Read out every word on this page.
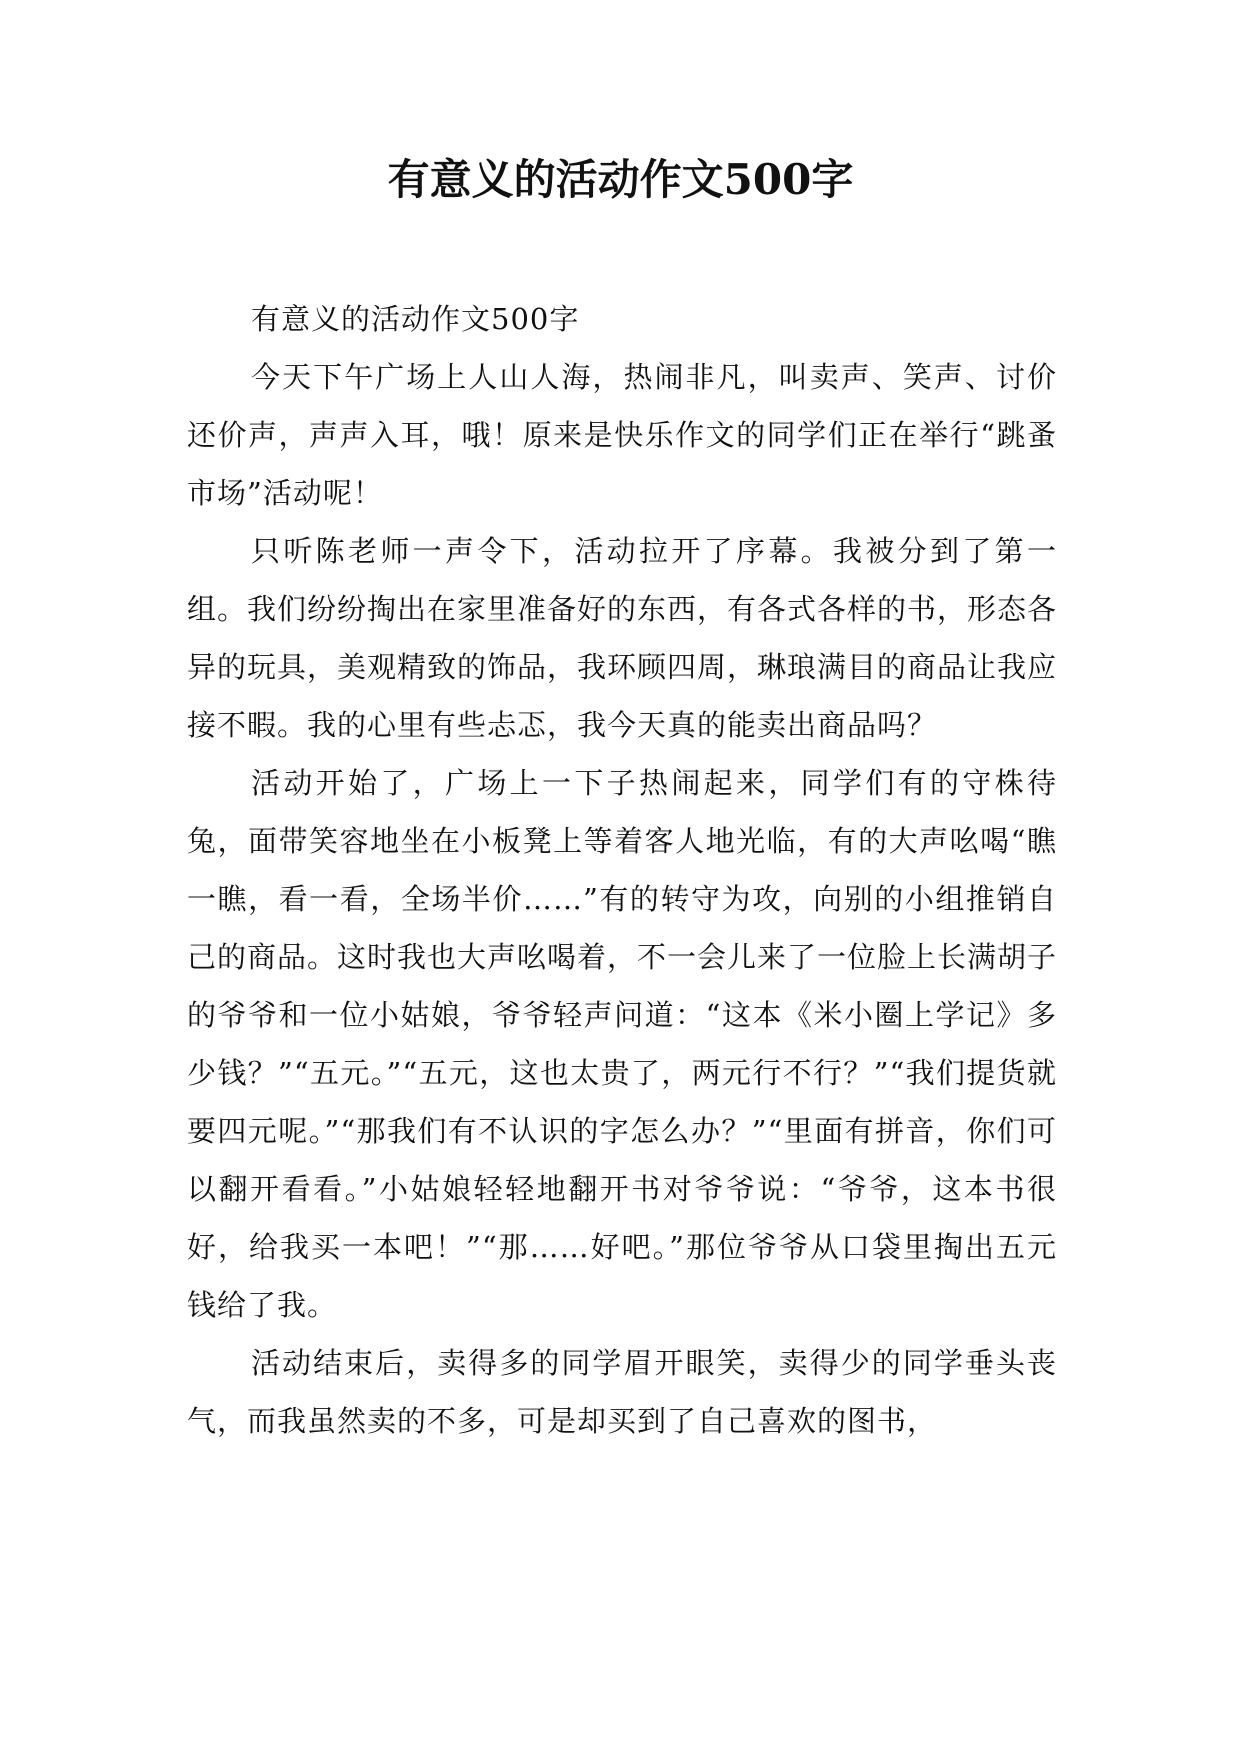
有意义的活动作文500字

有意义的活动作文500字

今天下午广场上人山人海，热闹非凡，叫卖声、笑声、讨价还价声，声声入耳，哦！原来是快乐作文的同学们正在举行“跳蚤市场”活动呢！

只听陈老师一声令下，活动拉开了序幕。我被分到了第一组。我们纷纷掏出在家里准备好的东西，有各式各样的书，形态各异的玩具，美观精致的饰品，我环顾四周，琳琅满目的商品让我应接不暇。我的心里有些忐忑，我今天真的能卖出商品吗？

活动开始了，广场上一下子热闹起来，同学们有的守株待兔，面带笑容地坐在小板凳上等着客人地光临，有的大声吆喝“瞧一瞧，看一看，全场半价……”有的转守为攻，向别的小组推销自己的商品。这时我也大声吆喝着，不一会儿来了一位脸上长满胡子的爷爷和一位小姑娘，爷爷轻声问道：“这本《米小圈上学记》多少钱？”“五元。”“五元，这也太贵了，两元行不行？”“我们提货就要四元呢。”“那我们有不认识的字怎么办？”“里面有拼音，你们可以翻开看看。”小姑娘轻轻地翻开书对爷爷说：“爷爷，这本书很好，给我买一本吧！”“那……好吧。”那位爷爷从口袋里掏出五元钱给了我。

活动结束后，卖得多的同学眉开眼笑，卖得少的同学垂头丧气，而我虽然卖的不多，可是却买到了自己喜欢的图书，
